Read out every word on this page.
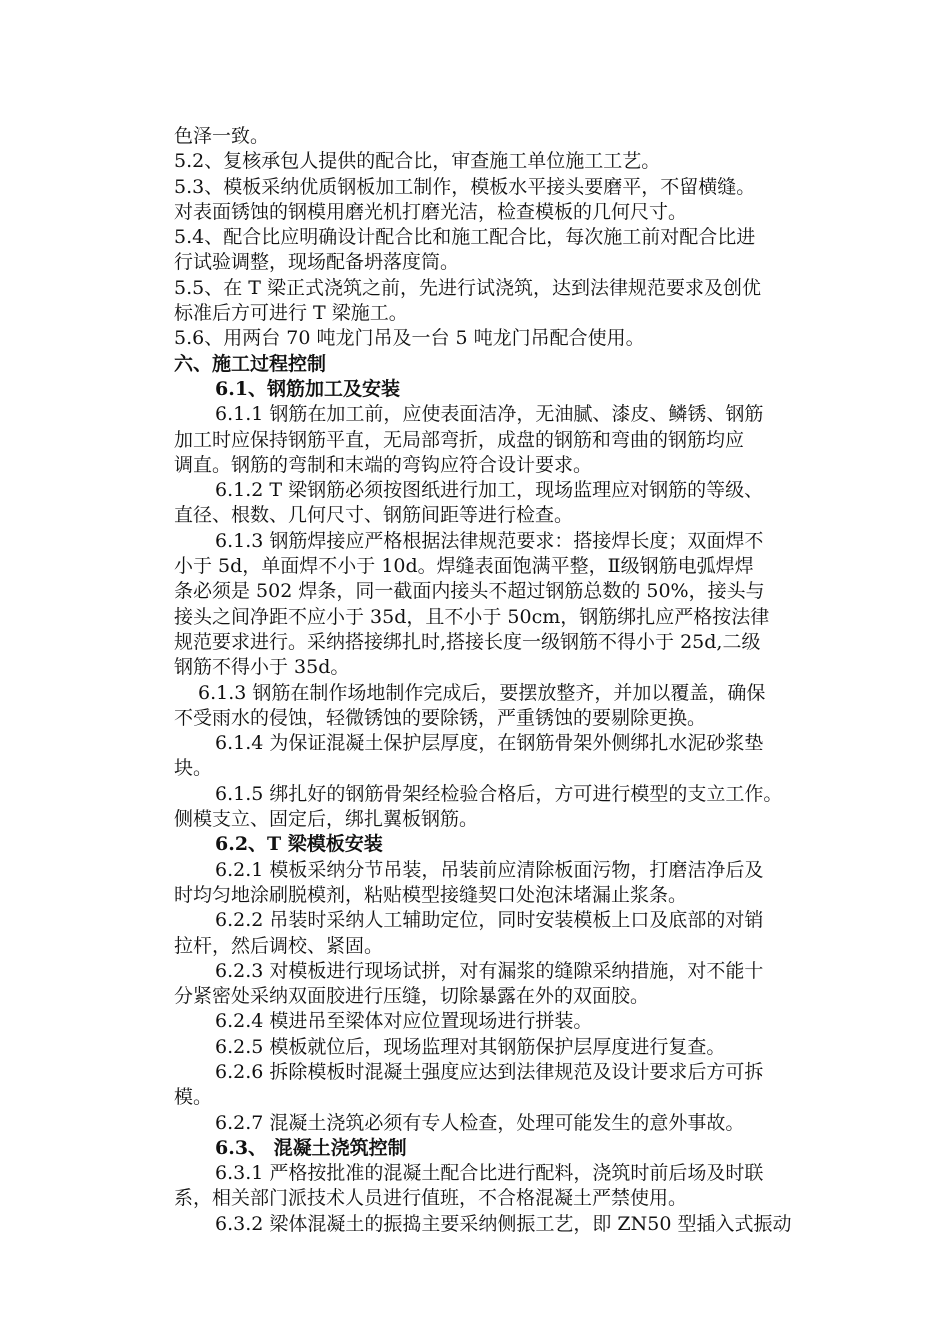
色泽一致。
5.2、复核承包人提供的配合比，审查施工单位施工工艺。
5.3、模板采纳优质钢板加工制作，模板水平接头要磨平，不留横缝。
对表面锈蚀的钢模用磨光机打磨光洁，检查模板的几何尺寸。
5.4、配合比应明确设计配合比和施工配合比，每次施工前对配合比进
行试验调整，现场配备坍落度筒。
5.5、在 T 梁正式浇筑之前，先进行试浇筑，达到法律规范要求及创优
标准后方可进行 T 梁施工。
5.6、用两台 70 吨龙门吊及一台 5 吨龙门吊配合使用。
六、施工过程控制
6.1、钢筋加工及安装
6.1.1 钢筋在加工前，应使表面洁净，无油腻、漆皮、鳞锈、钢筋
加工时应保持钢筋平直，无局部弯折，成盘的钢筋和弯曲的钢筋均应
调直。钢筋的弯制和末端的弯钩应符合设计要求。
6.1.2 T 梁钢筋必须按图纸进行加工，现场监理应对钢筋的等级、
直径、根数、几何尺寸、钢筋间距等进行检查。
6.1.3 钢筋焊接应严格根据法律规范要求：搭接焊长度；双面焊不
小于 5d，单面焊不小于 10d。焊缝表面饱满平整，Ⅱ级钢筋电弧焊焊
条必须是 502 焊条，同一截面内接头不超过钢筋总数的 50%，接头与
接头之间净距不应小于 35d，且不小于 50cm，钢筋绑扎应严格按法律
规范要求进行。采纳搭接绑扎时,搭接长度一级钢筋不得小于 25d,二级
钢筋不得小于 35d。
6.1.3 钢筋在制作场地制作完成后，要摆放整齐，并加以覆盖，确保
不受雨水的侵蚀，轻微锈蚀的要除锈，严重锈蚀的要剔除更换。
6.1.4 为保证混凝土保护层厚度，在钢筋骨架外侧绑扎水泥砂浆垫
块。
6.1.5 绑扎好的钢筋骨架经检验合格后，方可进行模型的支立工作。
侧模支立、固定后，绑扎翼板钢筋。
6.2、T 梁模板安装
6.2.1 模板采纳分节吊装，吊装前应清除板面污物，打磨洁净后及
时均匀地涂刷脱模剂，粘贴模型接缝契口处泡沫堵漏止浆条。
6.2.2 吊装时采纳人工辅助定位，同时安装模板上口及底部的对销
拉杆，然后调校、紧固。
6.2.3 对模板进行现场试拼，对有漏浆的缝隙采纳措施，对不能十
分紧密处采纳双面胶进行压缝，切除暴露在外的双面胶。
6.2.4 模进吊至梁体对应位置现场进行拼装。
6.2.5 模板就位后，现场监理对其钢筋保护层厚度进行复查。
6.2.6 拆除模板时混凝土强度应达到法律规范及设计要求后方可拆
模。
6.2.7 混凝土浇筑必须有专人检查，处理可能发生的意外事故。
6.3、 混凝土浇筑控制
6.3.1 严格按批准的混凝土配合比进行配料，浇筑时前后场及时联
系，相关部门派技术人员进行值班，不合格混凝土严禁使用。
6.3.2 梁体混凝土的振捣主要采纳侧振工艺，即 ZN50 型插入式振动
